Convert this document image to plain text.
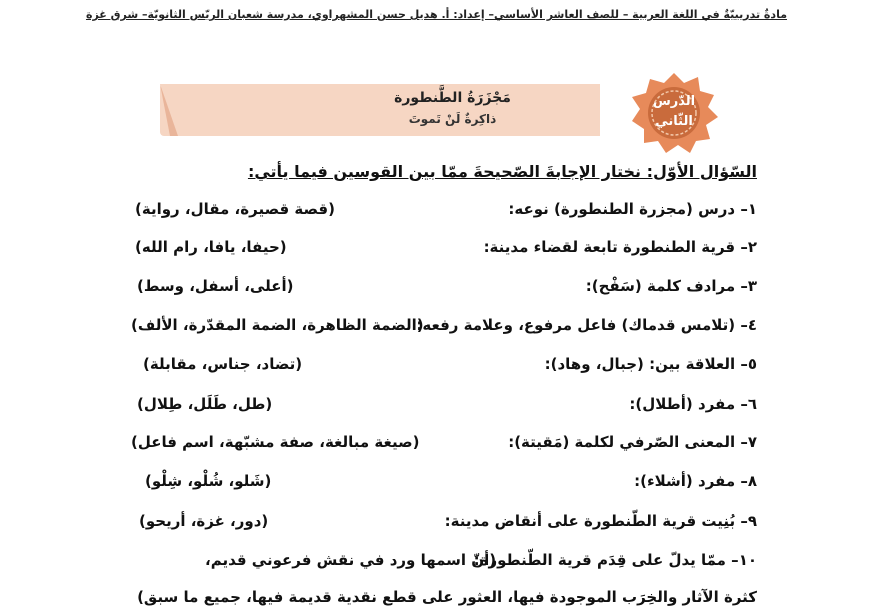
مادةٌ تدريبيّةٌ في اللغة العربية – للصف العاشر الأساسي– إعداد: أ. هديل حسن المشهراوي، مدرسة شعبان الريّس الثانويّة– شرق غزة
مَجْزَرَةُ الطَّنطورة
ذاكِرةٌ لَنْ تَموتَ
الدّرس
الثّاني
السّؤال الأوّل: نختار الإجابةَ الصّحيحةَ ممّا بين القوسين فيما يأتي:
١– درس (مجزرة الطنطورة) نوعه:
(قصة قصيرة، مقال، رواية)
٢– قرية الطنطورة تابعة لقضاء مدينة:
(حيفا، يافا، رام الله)
٣– مرادف كلمة (سَفْح):
(أعلى، أسفل، وسط)
٤– (تلامس قدماك) فاعل مرفوع، وعلامة رفعه:
(الضمة الظاهرة، الضمة المقدّرة، الألف)
٥– العلاقة بين: (جبال، وهاد):
(تضاد، جناس، مقابلة)
٦– مفرد (أطلال):
(طل، طَلَل، طِلال)
٧– المعنى الصّرفي لكلمة (مَقيتة):
(صيغة مبالغة، صفة مشبّهة، اسم فاعل)
٨– مفرد (أشلاء):
(شَلو، شُلْو، شِلْو)
٩– بُنِيت قرية الطّنطورة على أنقاض مدينة:
(دور، غزة، أريحو)
١٠– ممّا يدلّ على قِدَم قرية الطّنطورة:
(أنّ اسمها ورد في نقش فرعوني قديم،
كثرة الآثار والخِرَب الموجودة فيها، العثور على قطع نقدية قديمة فيها، جميع ما سبق)
